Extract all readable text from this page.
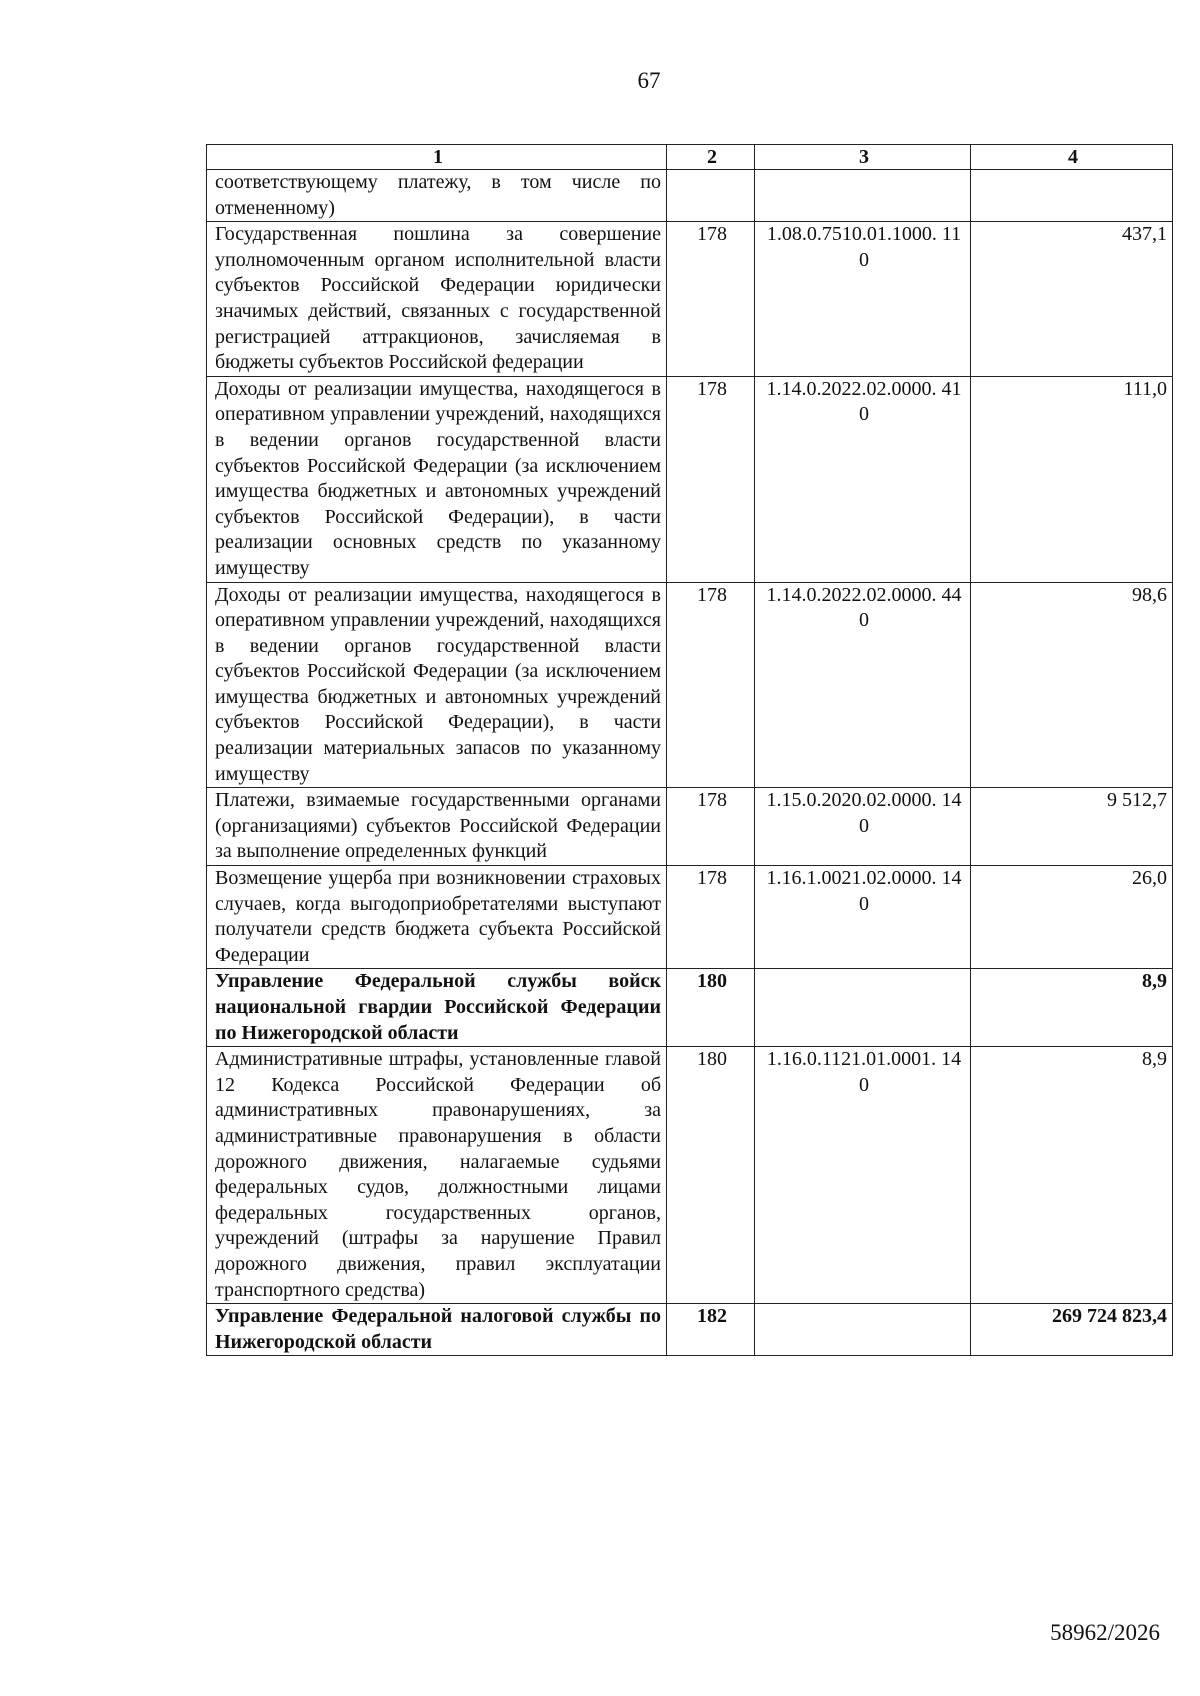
67
1	2	3	4
соответствующему платежу, в том числе по отмененному)			
Государственная пошлина за совершение уполномоченным органом исполнительной власти субъектов Российской Федерации юридически значимых действий, связанных с государственной регистрацией аттракционов, зачисляемая в бюджеты субъектов Российской федерации	178	1.08.0.7510.01.1000. 110	437,1
Доходы от реализации имущества, находящегося в оперативном управлении учреждений, находящихся в ведении органов государственной власти субъектов Российской Федерации (за исключением имущества бюджетных и автономных учреждений субъектов Российской Федерации), в части реализации основных средств по указанному имуществу	178	1.14.0.2022.02.0000. 410	111,0
Доходы от реализации имущества, находящегося в оперативном управлении учреждений, находящихся в ведении органов государственной власти субъектов Российской Федерации (за исключением имущества бюджетных и автономных учреждений субъектов Российской Федерации), в части реализации материальных запасов по указанному имуществу	178	1.14.0.2022.02.0000. 440	98,6
Платежи, взимаемые государственными органами (организациями) субъектов Российской Федерации за выполнение определенных функций	178	1.15.0.2020.02.0000. 140	9 512,7
Возмещение ущерба при возникновении страховых случаев, когда выгодоприобретателями выступают получатели средств бюджета субъекта Российской Федерации	178	1.16.1.0021.02.0000. 140	26,0
Управление Федеральной службы войск национальной гвардии Российской Федерации по Нижегородской области	180		8,9
Административные штрафы, установленные главой 12 Кодекса Российской Федерации об административных правонарушениях, за административные правонарушения в области дорожного движения, налагаемые судьями федеральных судов, должностными лицами федеральных государственных органов, учреждений (штрафы за нарушение Правил дорожного движения, правил эксплуатации транспортного средства)	180	1.16.0.1121.01.0001. 140	8,9
Управление Федеральной налоговой службы по Нижегородской области	182		269 724 823,4
58962/2026
